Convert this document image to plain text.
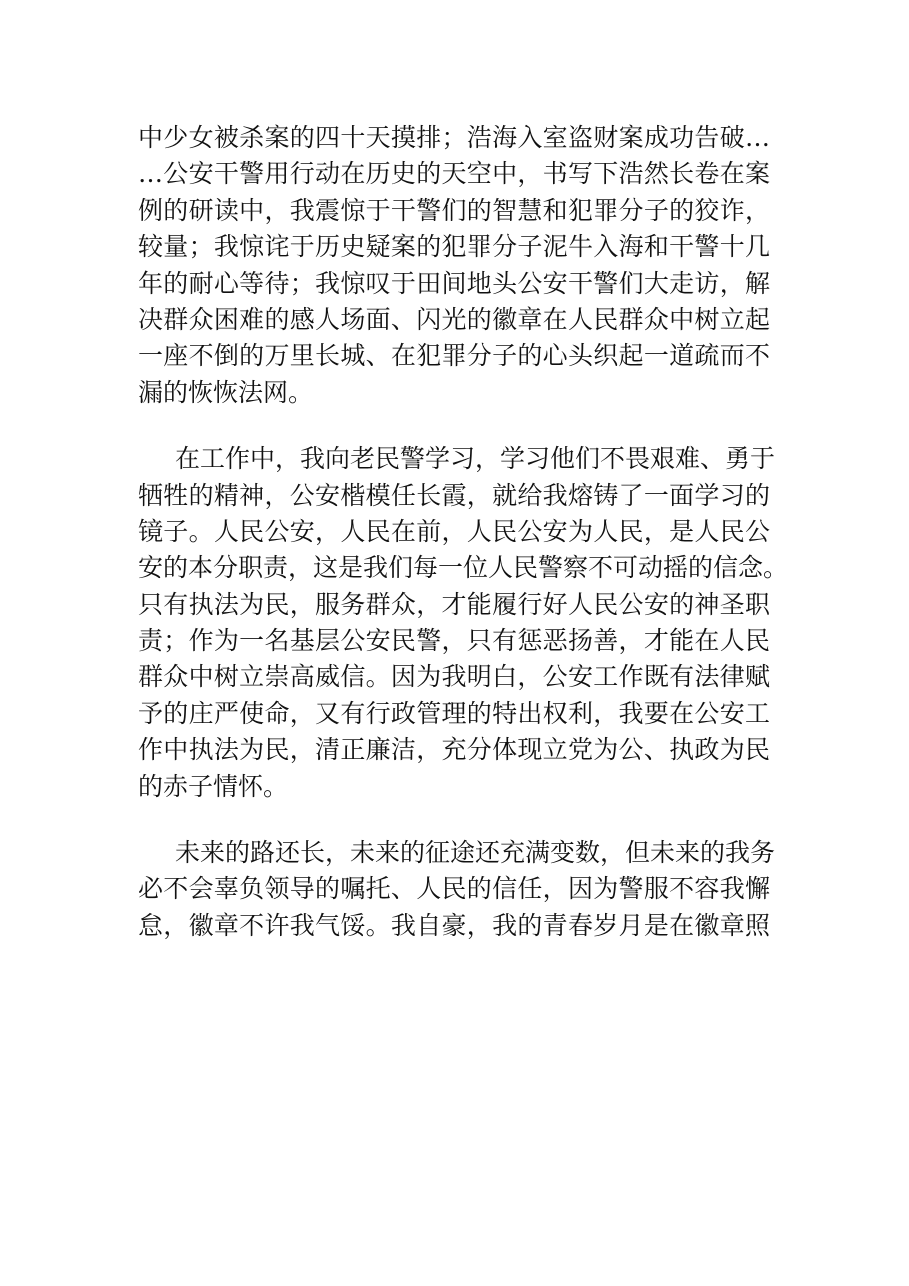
中少女被杀案的四十天摸排；浩海入室盗财案成功告破…
…公安干警用行动在历史的天空中，书写下浩然长卷在案
例的研读中，我震惊于干警们的智慧和犯罪分子的狡诈，
较量；我惊诧于历史疑案的犯罪分子泥牛入海和干警十几
年的耐心等待；我惊叹于田间地头公安干警们大走访，解
决群众困难的感人场面、闪光的徽章在人民群众中树立起
一座不倒的万里长城、在犯罪分子的心头织起一道疏而不
漏的恢恢法网。
在工作中，我向老民警学习，学习他们不畏艰难、勇于
牺牲的精神，公安楷模任长霞，就给我熔铸了一面学习的
镜子。人民公安，人民在前，人民公安为人民，是人民公
安的本分职责，这是我们每一位人民警察不可动摇的信念。
只有执法为民，服务群众，才能履行好人民公安的神圣职
责；作为一名基层公安民警，只有惩恶扬善，才能在人民
群众中树立崇高威信。因为我明白，公安工作既有法律赋
予的庄严使命，又有行政管理的特出权利，我要在公安工
作中执法为民，清正廉洁，充分体现立党为公、执政为民
的赤子情怀。
未来的路还长，未来的征途还充满变数，但未来的我务
必不会辜负领导的嘱托、人民的信任，因为警服不容我懈
怠，徽章不许我气馁。我自豪，我的青春岁月是在徽章照
